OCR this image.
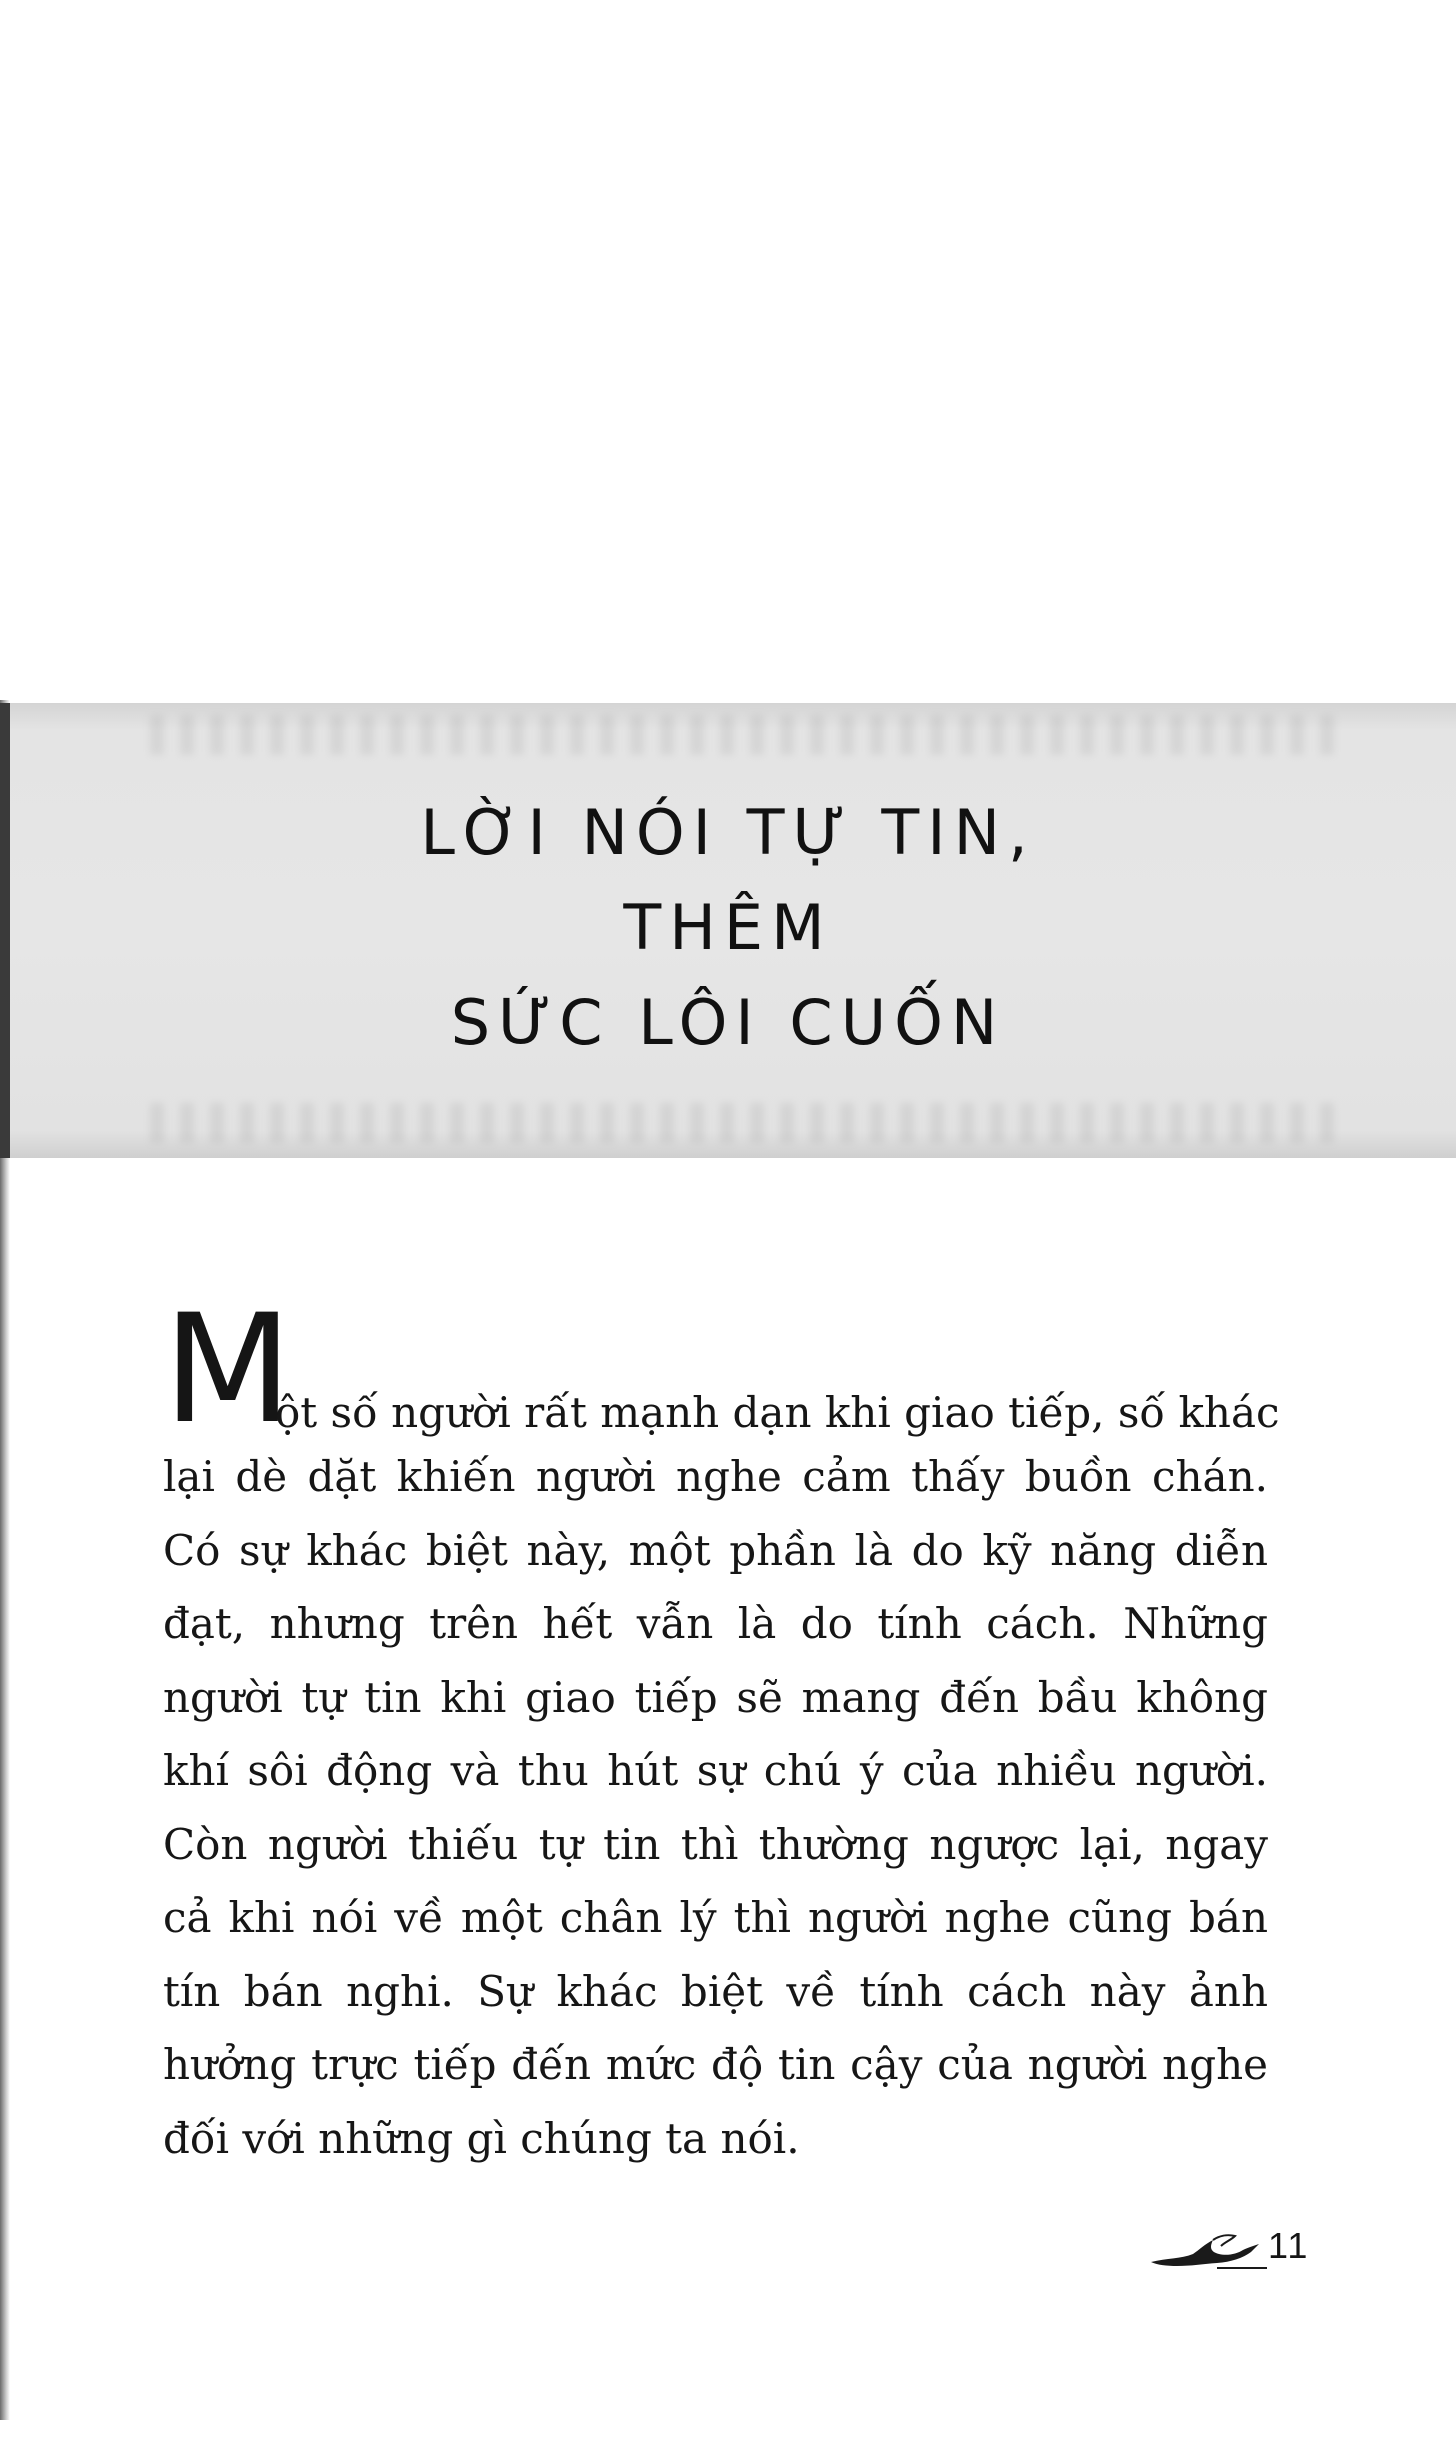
LỜI NÓI TỰ TIN,
THÊM
SỨC LÔI CUỐN
M
ột số người rất mạnh dạn khi giao tiếp, số khác
lại dè dặt khiến người nghe cảm thấy buồn chán.
Có sự khác biệt này, một phần là do kỹ năng diễn
đạt, nhưng trên hết vẫn là do tính cách. Những
người tự tin khi giao tiếp sẽ mang đến bầu không
khí sôi động và thu hút sự chú ý của nhiều người.
Còn người thiếu tự tin thì thường ngược lại, ngay
cả khi nói về một chân lý thì người nghe cũng bán
tín bán nghi. Sự khác biệt về tính cách này ảnh
hưởng trực tiếp đến mức độ tin cậy của người nghe
đối với những gì chúng ta nói.
11
